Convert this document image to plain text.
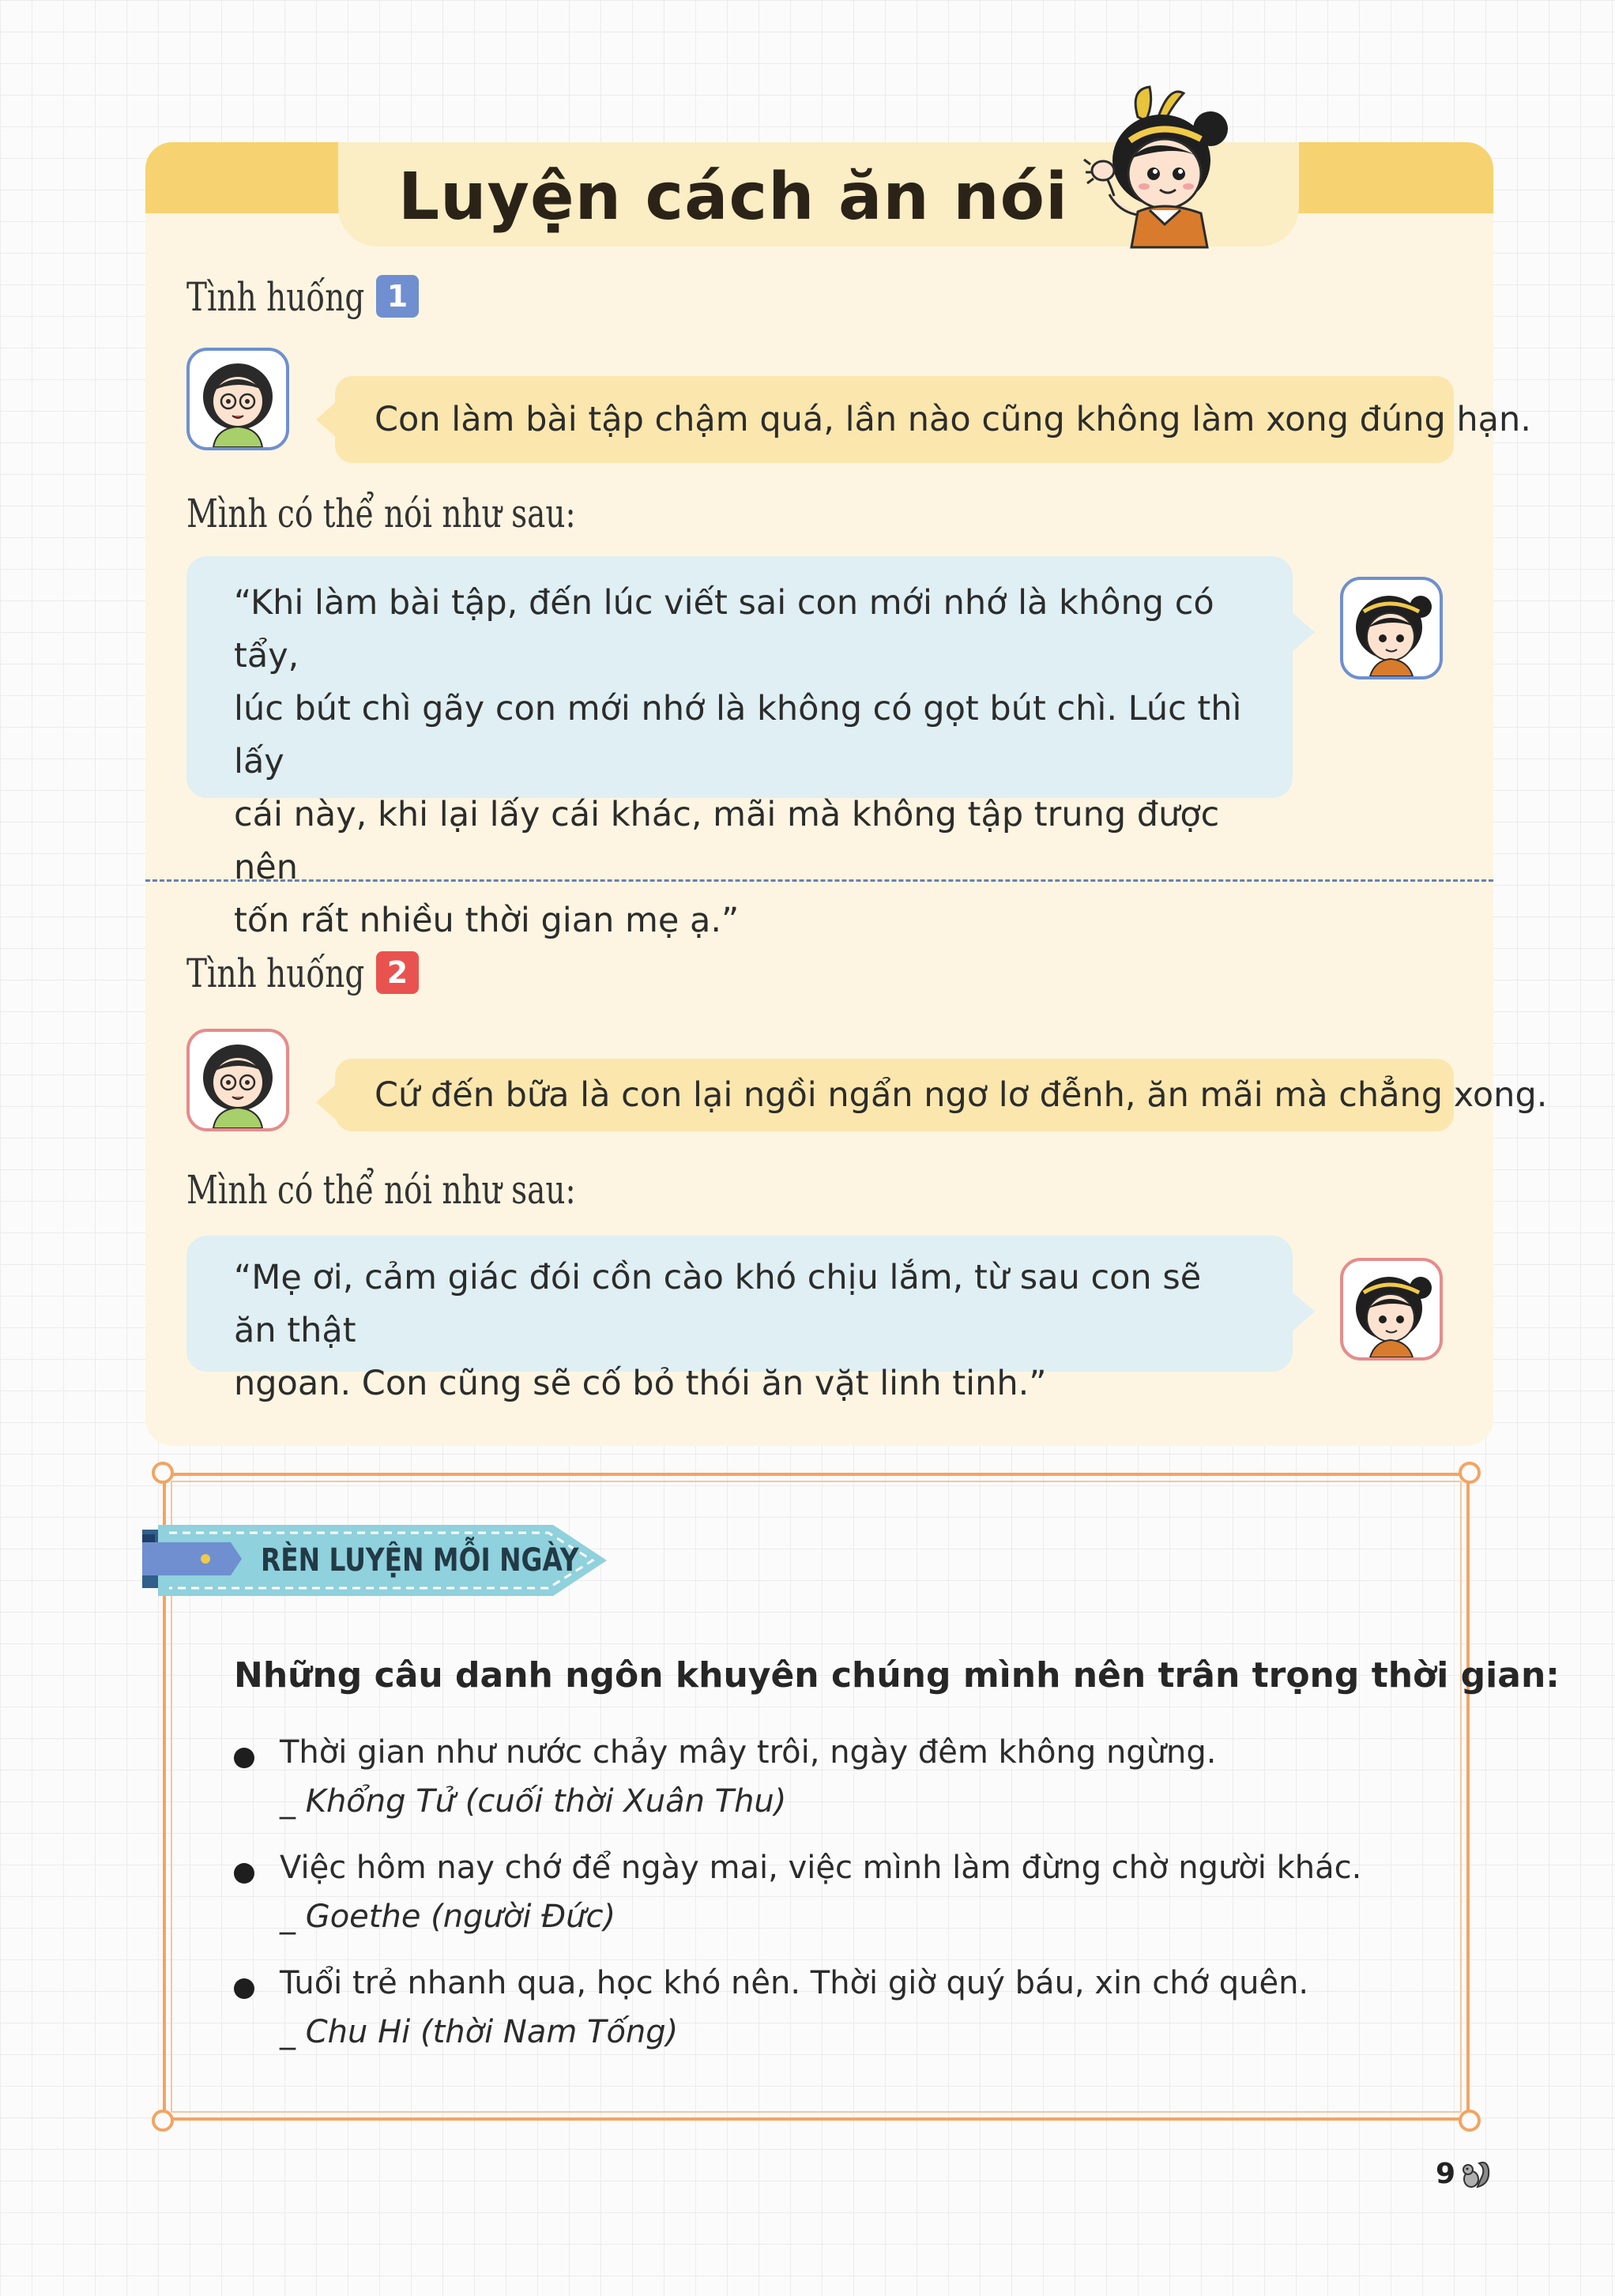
Luyện cách ăn nói
Tình huống 1
Con làm bài tập chậm quá, lần nào cũng không làm xong đúng hạn.
Mình có thể nói như sau:
“Khi làm bài tập, đến lúc viết sai con mới nhớ là không có tẩy,
lúc bút chì gãy con mới nhớ là không có gọt bút chì. Lúc thì lấy
cái này, khi lại lấy cái khác, mãi mà không tập trung được nên
tốn rất nhiều thời gian mẹ ạ.”
Tình huống 2
Cứ đến bữa là con lại ngồi ngẩn ngơ lơ đễnh, ăn mãi mà chẳng xong.
Mình có thể nói như sau:
“Mẹ ơi, cảm giác đói cồn cào khó chịu lắm, từ sau con sẽ ăn thật
ngoan. Con cũng sẽ cố bỏ thói ăn vặt linh tinh.”
RÈN LUYỆN MỖI NGÀY
Những câu danh ngôn khuyên chúng mình nên trân trọng thời gian:
Thời gian như nước chảy mây trôi, ngày đêm không ngừng.
_ Khổng Tử (cuối thời Xuân Thu)
Việc hôm nay chớ để ngày mai, việc mình làm đừng chờ người khác.
_ Goethe (người Đức)
Tuổi trẻ nhanh qua, học khó nên. Thời giờ quý báu, xin chớ quên.
_ Chu Hi (thời Nam Tống)
9
